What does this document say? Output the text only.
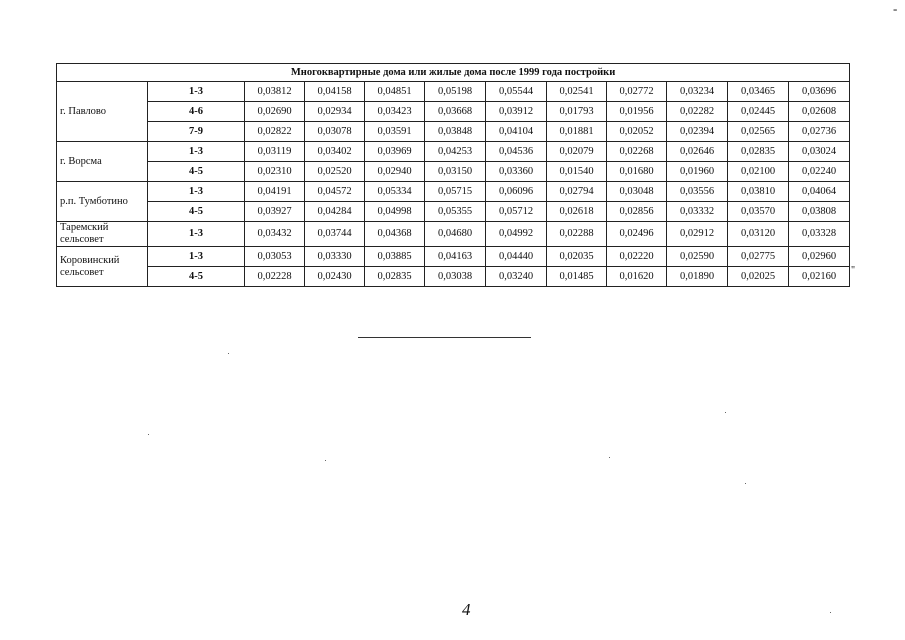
Многоквартирные дома или жилые дома после 1999 года постройки											
г. Павлово	1-3	0,03812	0,04158	0,04851	0,05198	0,05544	0,02541	0,02772	0,03234	0,03465	0,03696
	4-6	0,02690	0,02934	0,03423	0,03668	0,03912	0,01793	0,01956	0,02282	0,02445	0,02608
	7-9	0,02822	0,03078	0,03591	0,03848	0,04104	0,01881	0,02052	0,02394	0,02565	0,02736
г. Ворсма	1-3	0,03119	0,03402	0,03969	0,04253	0,04536	0,02079	0,02268	0,02646	0,02835	0,03024
	4-5	0,02310	0,02520	0,02940	0,03150	0,03360	0,01540	0,01680	0,01960	0,02100	0,02240
р.п. Тумботино	1-3	0,04191	0,04572	0,05334	0,05715	0,06096	0,02794	0,03048	0,03556	0,03810	0,04064
	4-5	0,03927	0,04284	0,04998	0,05355	0,05712	0,02618	0,02856	0,03332	0,03570	0,03808
Таремский сельсовет	1-3	0,03432	0,03744	0,04368	0,04680	0,04992	0,02288	0,02496	0,02912	0,03120	0,03328
Коровинский сельсовет	1-3	0,03053	0,03330	0,03885	0,04163	0,04440	0,02035	0,02220	0,02590	0,02775	0,02960
	4-5	0,02228	0,02430	0,02835	0,03038	0,03240	0,01485	0,01620	0,01890	0,02025	0,02160 "
-
4
